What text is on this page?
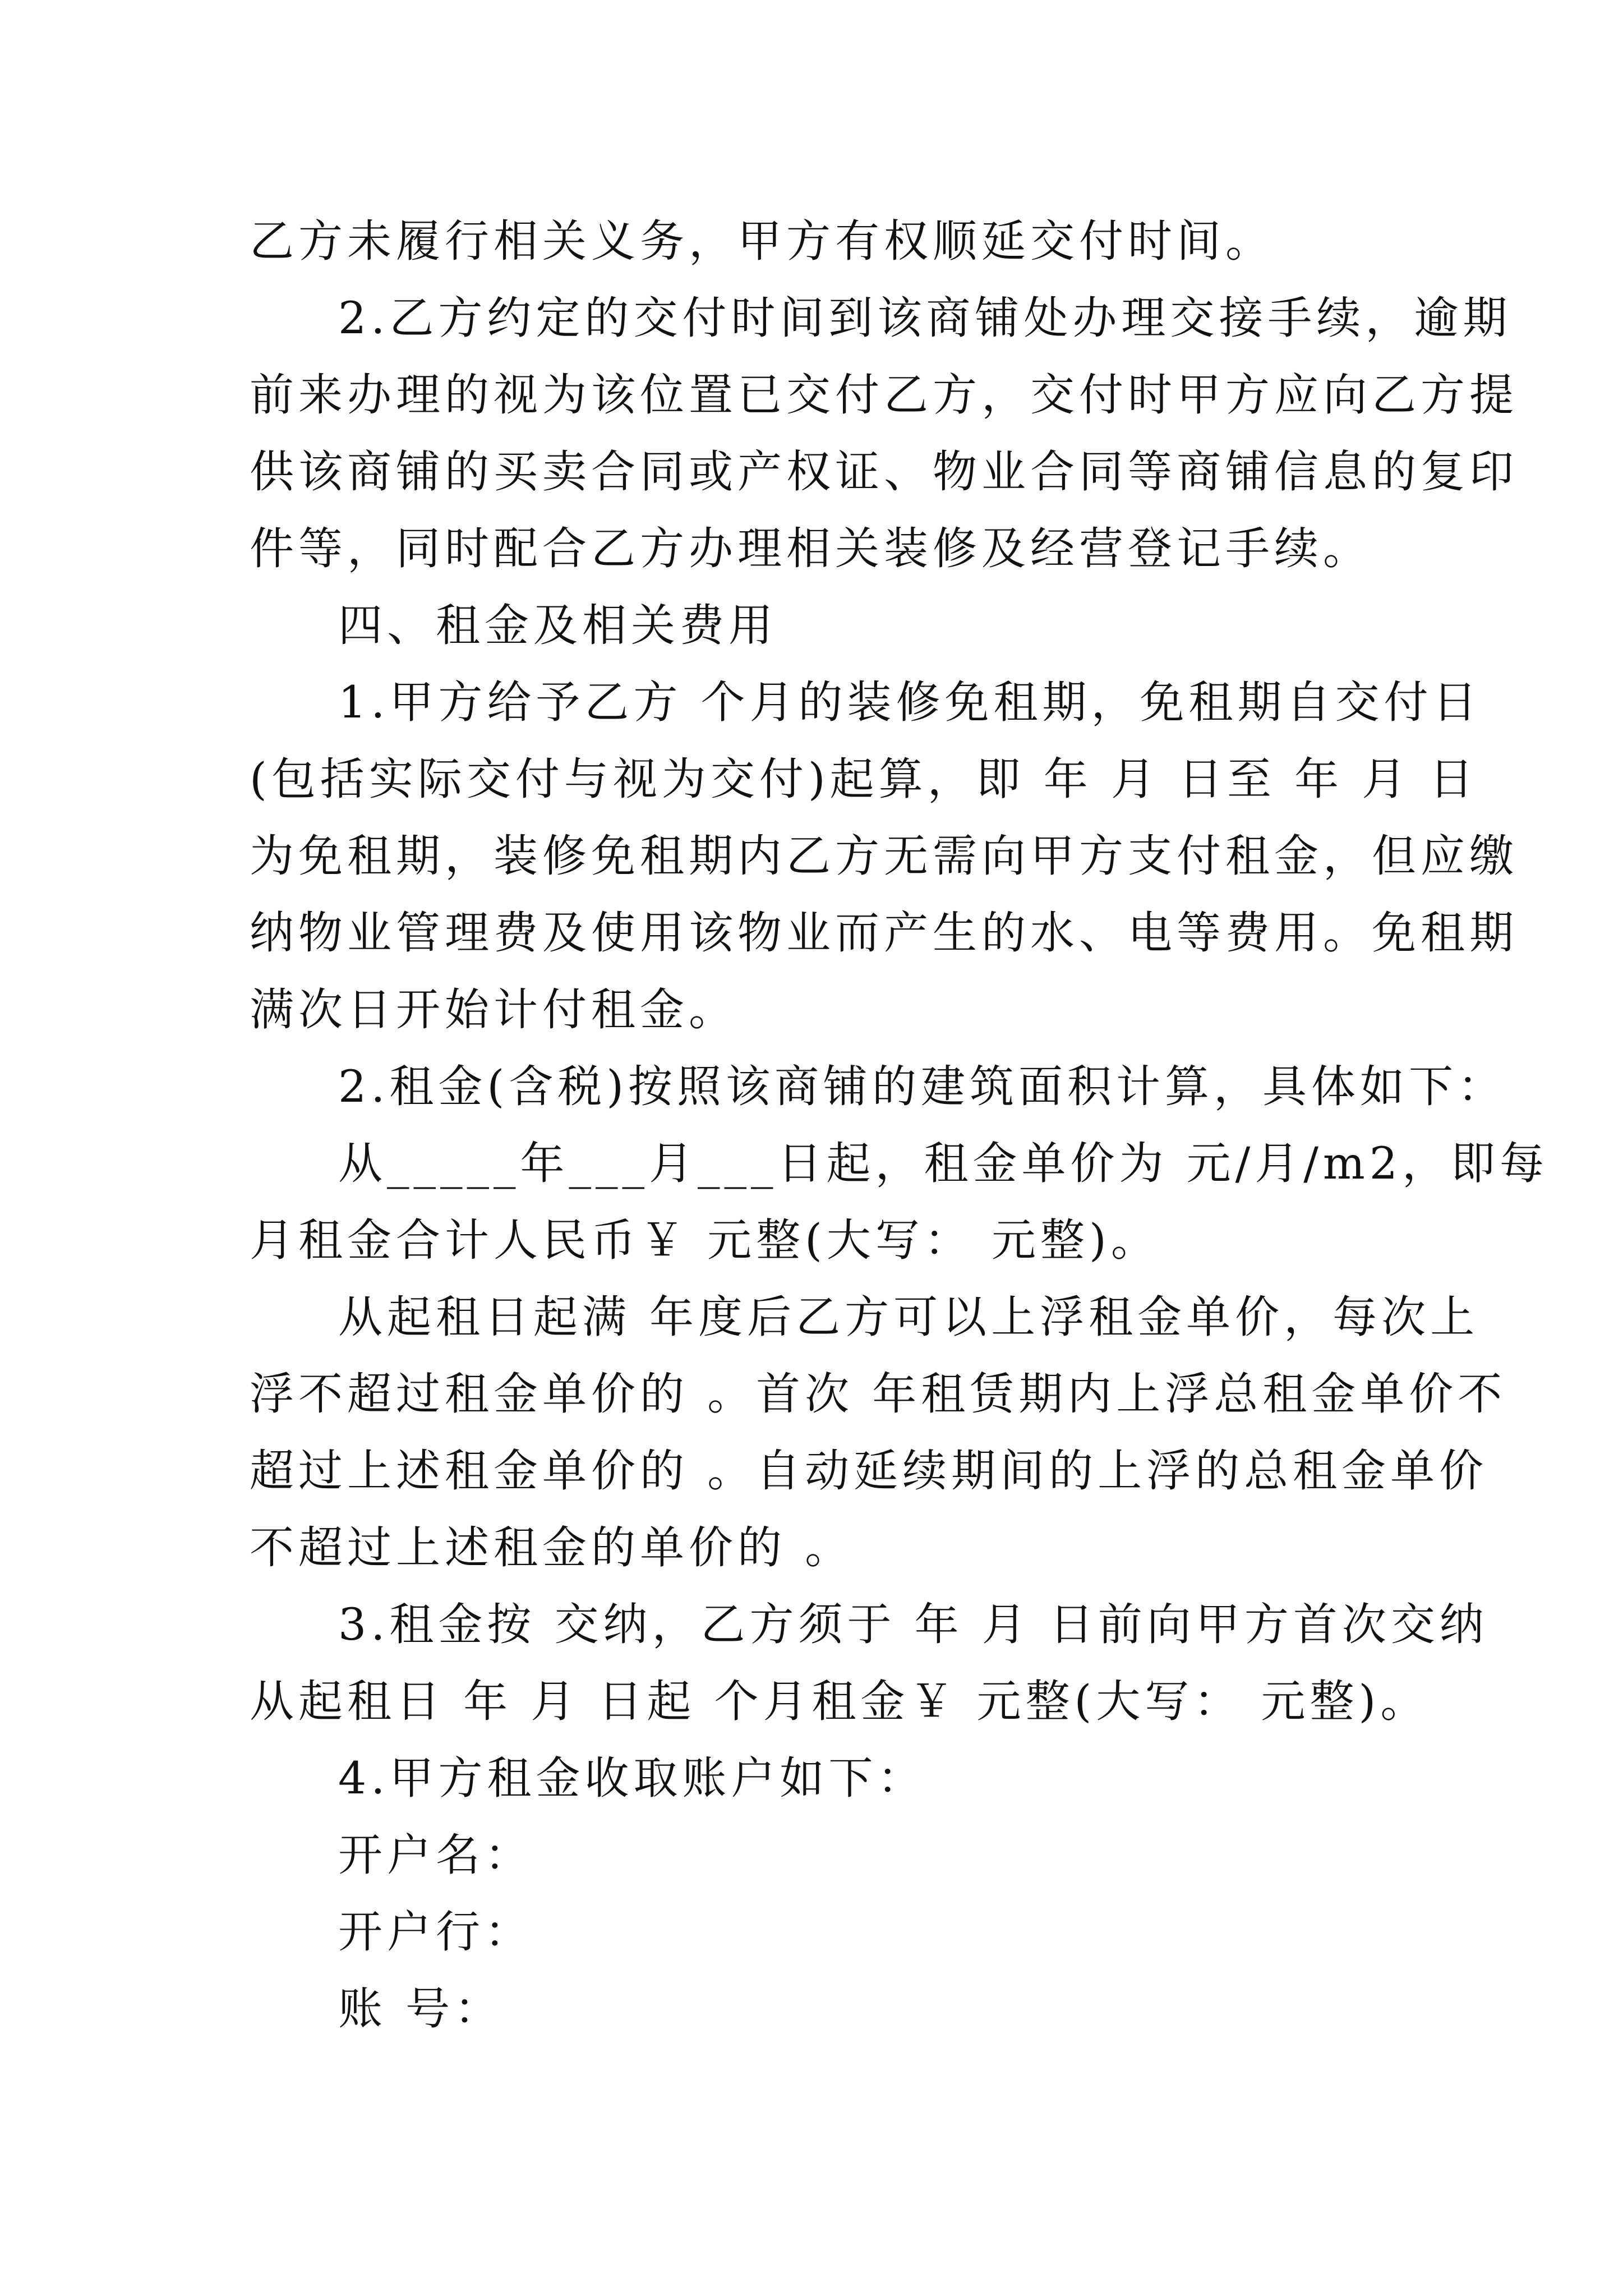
乙方未履行相关义务，甲方有权顺延交付时间。
2.乙方约定的交付时间到该商铺处办理交接手续，逾期
前来办理的视为该位置已交付乙方，交付时甲方应向乙方提
供该商铺的买卖合同或产权证、物业合同等商铺信息的复印
件等，同时配合乙方办理相关装修及经营登记手续。
四、租金及相关费用
1.甲方给予乙方 个月的装修免租期，免租期自交付日
(包括实际交付与视为交付)起算，即 年 月 日至 年 月 日
为免租期，装修免租期内乙方无需向甲方支付租金，但应缴
纳物业管理费及使用该物业而产生的水、电等费用。免租期
满次日开始计付租金。
2.租金(含税)按照该商铺的建筑面积计算，具体如下：
从_____年___月___日起，租金单价为 元/月/m2，即每
月租金合计人民币￥ 元整(大写： 元整)。
从起租日起满 年度后乙方可以上浮租金单价，每次上
浮不超过租金单价的 。首次 年租赁期内上浮总租金单价不
超过上述租金单价的 。自动延续期间的上浮的总租金单价
不超过上述租金的单价的 。
3.租金按 交纳，乙方须于 年 月 日前向甲方首次交纳
从起租日 年 月 日起 个月租金￥ 元整(大写： 元整)。
4.甲方租金收取账户如下：
开户名：
开户行：
账 号：
